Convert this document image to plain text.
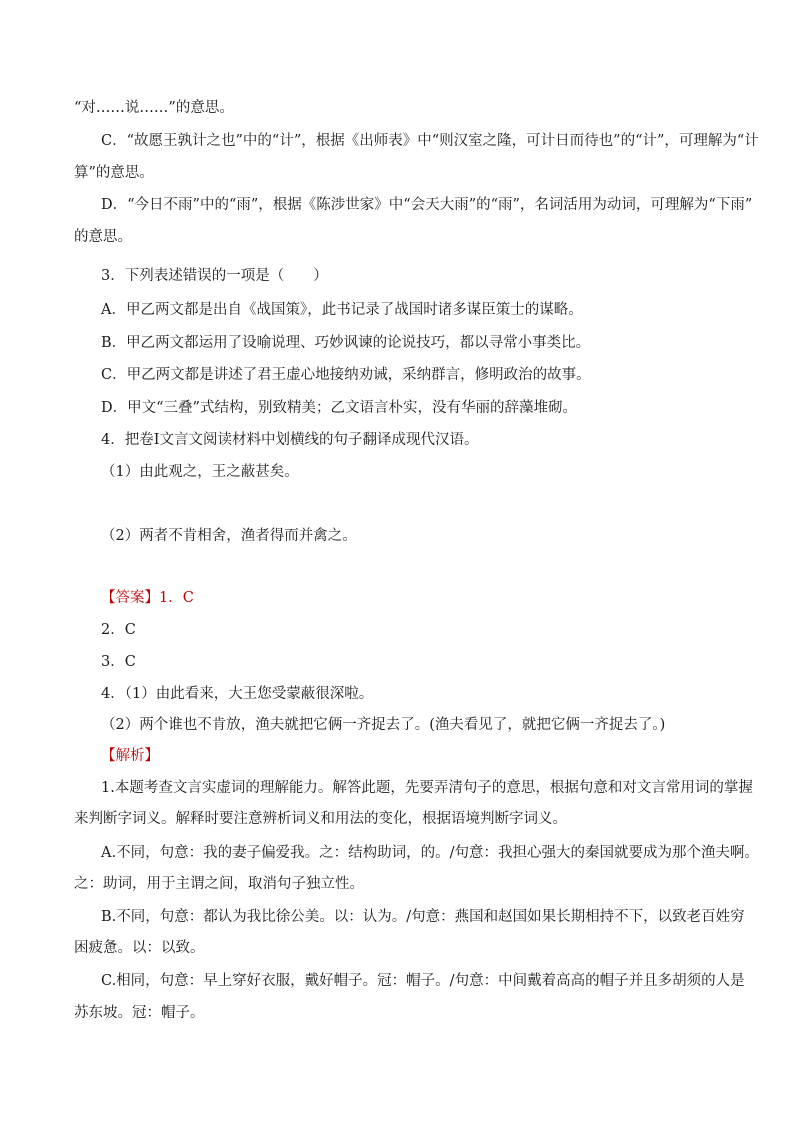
“对……说……”的意思。
C．“故愿王孰计之也”中的“计”，根据《出师表》中“则汉室之隆，可计日而待也”的“计”，可理解为“计
算”的意思。
D．“今日不雨”中的“雨”，根据《陈涉世家》中“会天大雨”的“雨”，名词活用为动词，可理解为“下雨”
的意思。
3．下列表述错误的一项是（　　）
A．甲乙两文都是出自《战国策》，此书记录了战国时诸多谋臣策士的谋略。
B．甲乙两文都运用了设喻说理、巧妙讽谏的论说技巧，都以寻常小事类比。
C．甲乙两文都是讲述了君王虚心地接纳劝诫，采纳群言，修明政治的故事。
D．甲文“三叠”式结构，别致精美；乙文语言朴实，没有华丽的辞藻堆砌。
4．把卷Ⅰ文言文阅读材料中划横线的句子翻译成现代汉语。
（1）由此观之，王之蔽甚矣。
（2）两者不肯相舍，渔者得而并禽之。
【答案】1．C
2．C
3．C
4．（1）由此看来，大王您受蒙蔽很深啦。
（2）两个谁也不肯放，渔夫就把它俩一齐捉去了。(渔夫看见了，就把它俩一齐捉去了。)
【解析】
1.本题考查文言实虚词的理解能力。解答此题，先要弄清句子的意思，根据句意和对文言常用词的掌握
来判断字词义。解释时要注意辨析词义和用法的变化，根据语境判断字词义。
A.不同，句意：我的妻子偏爱我。之：结构助词，的。/句意：我担心强大的秦国就要成为那个渔夫啊。
之：助词，用于主谓之间，取消句子独立性。
B.不同，句意：都认为我比徐公美。以：认为。/句意：燕国和赵国如果长期相持不下，以致老百姓穷
困疲惫。以：以致。
C.相同，句意：早上穿好衣服，戴好帽子。冠：帽子。/句意：中间戴着高高的帽子并且多胡须的人是
苏东坡。冠：帽子。
